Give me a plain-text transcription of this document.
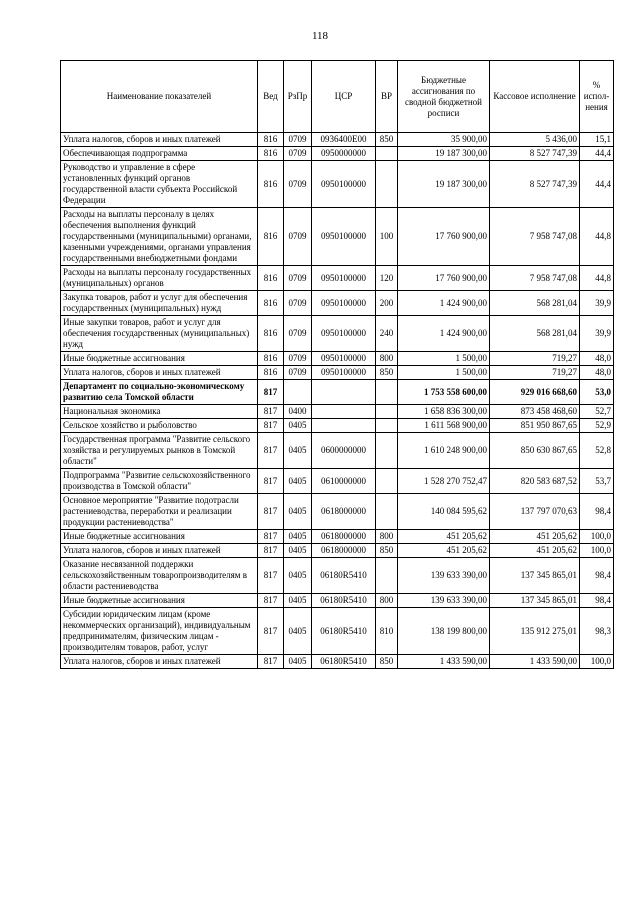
118
Наименование показателей	Вед	РзПр	ЦСР	ВР	Бюджетные ассигнования по сводной бюджетной росписи	Кассовое исполнение	% испол-нения
Уплата налогов, сборов и иных платежей	816	0709	0936400Е00	850	35 900,00	5 436,00	15,1
Обеспечивающая подпрограмма	816	0709	0950000000		19 187 300,00	8 527 747,39	44,4
Руководство и управление в сфере установленных функций органов государственной власти субъекта Российской Федерации	816	0709	0950100000		19 187 300,00	8 527 747,39	44,4
Расходы на выплаты персоналу в целях обеспечения выполнения функций государственными (муниципальными) органами, казенными учреждениями, органами управления государственными внебюджетными фондами	816	0709	0950100000	100	17 760 900,00	7 958 747,08	44,8
Расходы на выплаты персоналу государственных (муниципальных) органов	816	0709	0950100000	120	17 760 900,00	7 958 747,08	44,8
Закупка товаров, работ и услуг для обеспечения государственных (муниципальных) нужд	816	0709	0950100000	200	1 424 900,00	568 281,04	39,9
Иные закупки товаров, работ и услуг для обеспечения государственных (муниципальных) нужд	816	0709	0950100000	240	1 424 900,00	568 281,04	39,9
Иные бюджетные ассигнования	816	0709	0950100000	800	1 500,00	719,27	48,0
Уплата налогов, сборов и иных платежей	816	0709	0950100000	850	1 500,00	719,27	48,0
Департамент по социально-экономическому развитию села Томской области	817				1 753 558 600,00	929 016 668,60	53,0
Национальная экономика	817	0400			1 658 836 300,00	873 458 468,60	52,7
Сельское хозяйство и рыболовство	817	0405			1 611 568 900,00	851 950 867,65	52,9
Государственная программа "Развитие сельского хозяйства и регулируемых рынков в Томской области"	817	0405	0600000000		1 610 248 900,00	850 630 867,65	52,8
Подпрограмма "Развитие сельскохозяйственного производства в Томской области"	817	0405	0610000000		1 528 270 752,47	820 583 687,52	53,7
Основное мероприятие "Развитие подотрасли растениеводства, переработки и реализации продукции растениеводства"	817	0405	0618000000		140 084 595,62	137 797 070,63	98,4
Иные бюджетные ассигнования	817	0405	0618000000	800	451 205,62	451 205,62	100,0
Уплата налогов, сборов и иных платежей	817	0405	0618000000	850	451 205,62	451 205,62	100,0
Оказание несвязанной поддержки сельскохозяйственным товаропроизводителям в области растениеводства	817	0405	06180R5410		139 633 390,00	137 345 865,01	98,4
Иные бюджетные ассигнования	817	0405	06180R5410	800	139 633 390,00	137 345 865,01	98,4
Субсидии юридическим лицам (кроме некоммерческих организаций), индивидуальным предпринимателям, физическим лицам - производителям товаров, работ, услуг	817	0405	06180R5410	810	138 199 800,00	135 912 275,01	98,3
Уплата налогов, сборов и иных платежей	817	0405	06180R5410	850	1 433 590,00	1 433 590,00	100,0
